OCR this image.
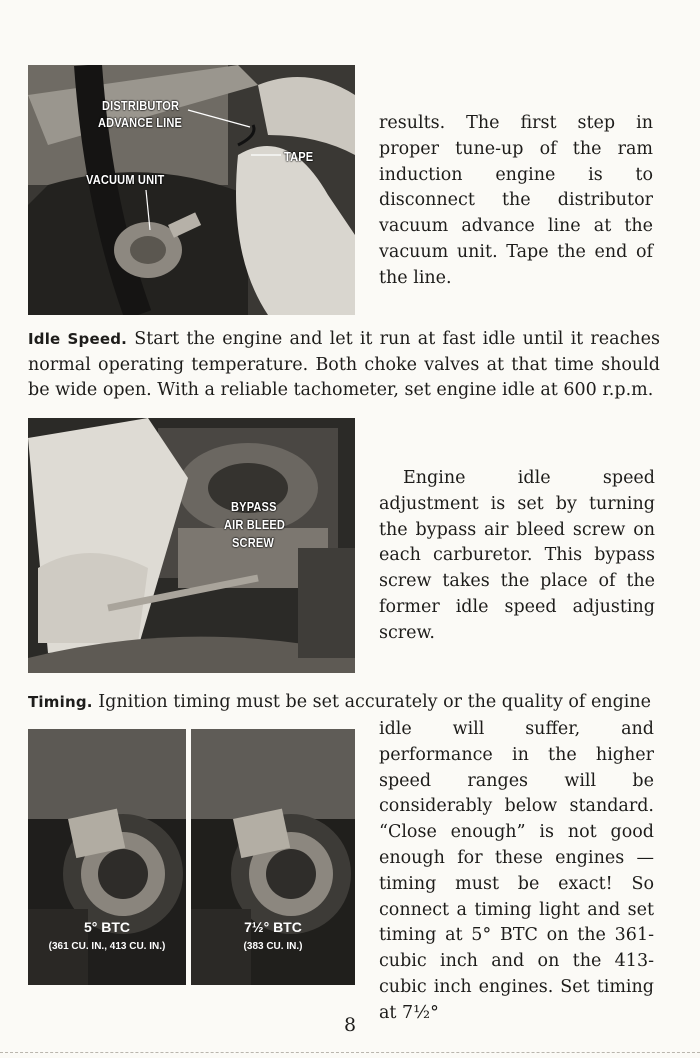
DISTRIBUTOR
ADVANCE LINE
TAPE
VACUUM UNIT
results. The first step in proper tune-up of the ram induction engine is to disconnect the distributor vacuum advance line at the vacuum unit. Tape the end of the line.
Idle Speed. Start the engine and let it run at fast idle until it reaches normal operating temperature. Both choke valves at that time should be wide open. With a reliable tachometer, set engine idle at 600 r.p.m.
BYPASS
AIR BLEED
SCREW
Engine idle speed adjustment is set by turning the bypass air bleed screw on each carburetor. This bypass screw takes the place of the former idle speed adjusting screw.
Timing. Ignition timing must be set accurately or the quality of engine
5° BTC
(361 CU. IN., 413 CU. IN.)
7½° BTC
(383 CU. IN.)
idle will suffer, and performance in the higher speed ranges will be considerably below standard. “Close enough” is not good enough for these engines —timing must be exact! So connect a timing light and set timing at 5° BTC on the 361-cubic inch and on the 413-cubic inch engines. Set timing at 7½°
8
